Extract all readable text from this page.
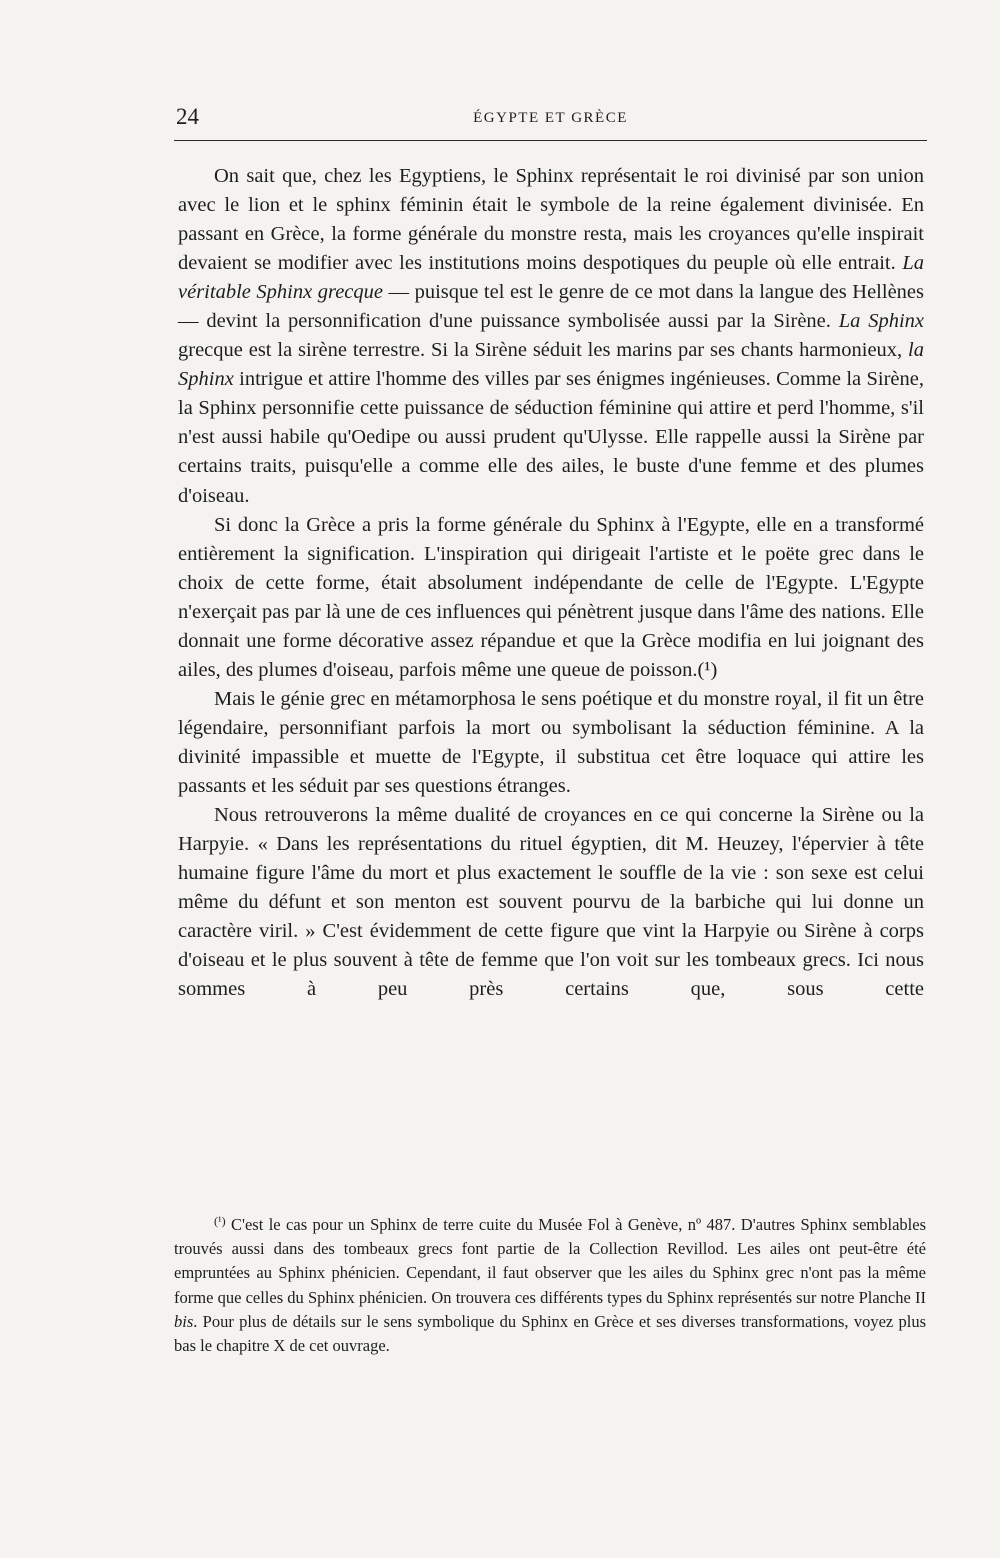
24	ÉGYPTE ET GRÈCE

On sait que, chez les Egyptiens, le Sphinx représentait le roi divinisé par son union avec le lion et le sphinx féminin était le symbole de la reine également divinisée. En passant en Grèce, la forme générale du monstre resta, mais les croyances qu'elle inspirait devaient se modifier avec les institutions moins despotiques du peuple où elle entrait. La véritable Sphinx grecque — puisque tel est le genre de ce mot dans la langue des Hellènes — devint la personnification d'une puissance symbolisée aussi par la Sirène. La Sphinx grecque est la sirène terrestre. Si la Sirène séduit les marins par ses chants harmonieux, la Sphinx intrigue et attire l'homme des villes par ses énigmes ingénieuses. Comme la Sirène, la Sphinx personnifie cette puissance de séduction féminine qui attire et perd l'homme, s'il n'est aussi habile qu'Oedipe ou aussi prudent qu'Ulysse. Elle rappelle aussi la Sirène par certains traits, puisqu'elle a comme elle des ailes, le buste d'une femme et des plumes d'oiseau.

Si donc la Grèce a pris la forme générale du Sphinx à l'Egypte, elle en a transformé entièrement la signification. L'inspiration qui dirigeait l'artiste et le poëte grec dans le choix de cette forme, était absolument indépendante de celle de l'Egypte. L'Egypte n'exerçait pas par là une de ces influences qui pénètrent jusque dans l'âme des nations. Elle donnait une forme décorative assez répandue et que la Grèce modifia en lui joignant des ailes, des plumes d'oiseau, parfois même une queue de poisson.(¹)

Mais le génie grec en métamorphosa le sens poétique et du monstre royal, il fit un être légendaire, personnifiant parfois la mort ou symbolisant la séduction féminine. A la divinité impassible et muette de l'Egypte, il substitua cet être loquace qui attire les passants et les séduit par ses questions étranges.

Nous retrouverons la même dualité de croyances en ce qui concerne la Sirène ou la Harpyie. « Dans les représentations du rituel égyptien, dit M. Heuzey, l'épervier à tête humaine figure l'âme du mort et plus exactement le souffle de la vie : son sexe est celui même du défunt et son menton est souvent pourvu de la barbiche qui lui donne un caractère viril. » C'est évidemment de cette figure que vint la Harpyie ou Sirène à corps d'oiseau et le plus souvent à tête de femme que l'on voit sur les tombeaux grecs. Ici nous sommes à peu près certains que, sous cette

$^{(^1)}$ C'est le cas pour un Sphinx de terre cuite du Musée Fol à Genève, nº 487. D'autres Sphinx semblables trouvés aussi dans des tombeaux grecs font partie de la Collection Revillod. Les ailes ont peut-être été empruntées au Sphinx phénicien. Cependant, il faut observer que les ailes du Sphinx grec n'ont pas la même forme que celles du Sphinx phénicien. On trouvera ces différents types du Sphinx représentés sur notre Planche II bis. Pour plus de détails sur le sens symbolique du Sphinx en Grèce et ses diverses transformations, voyez plus bas le chapitre X de cet ouvrage.
